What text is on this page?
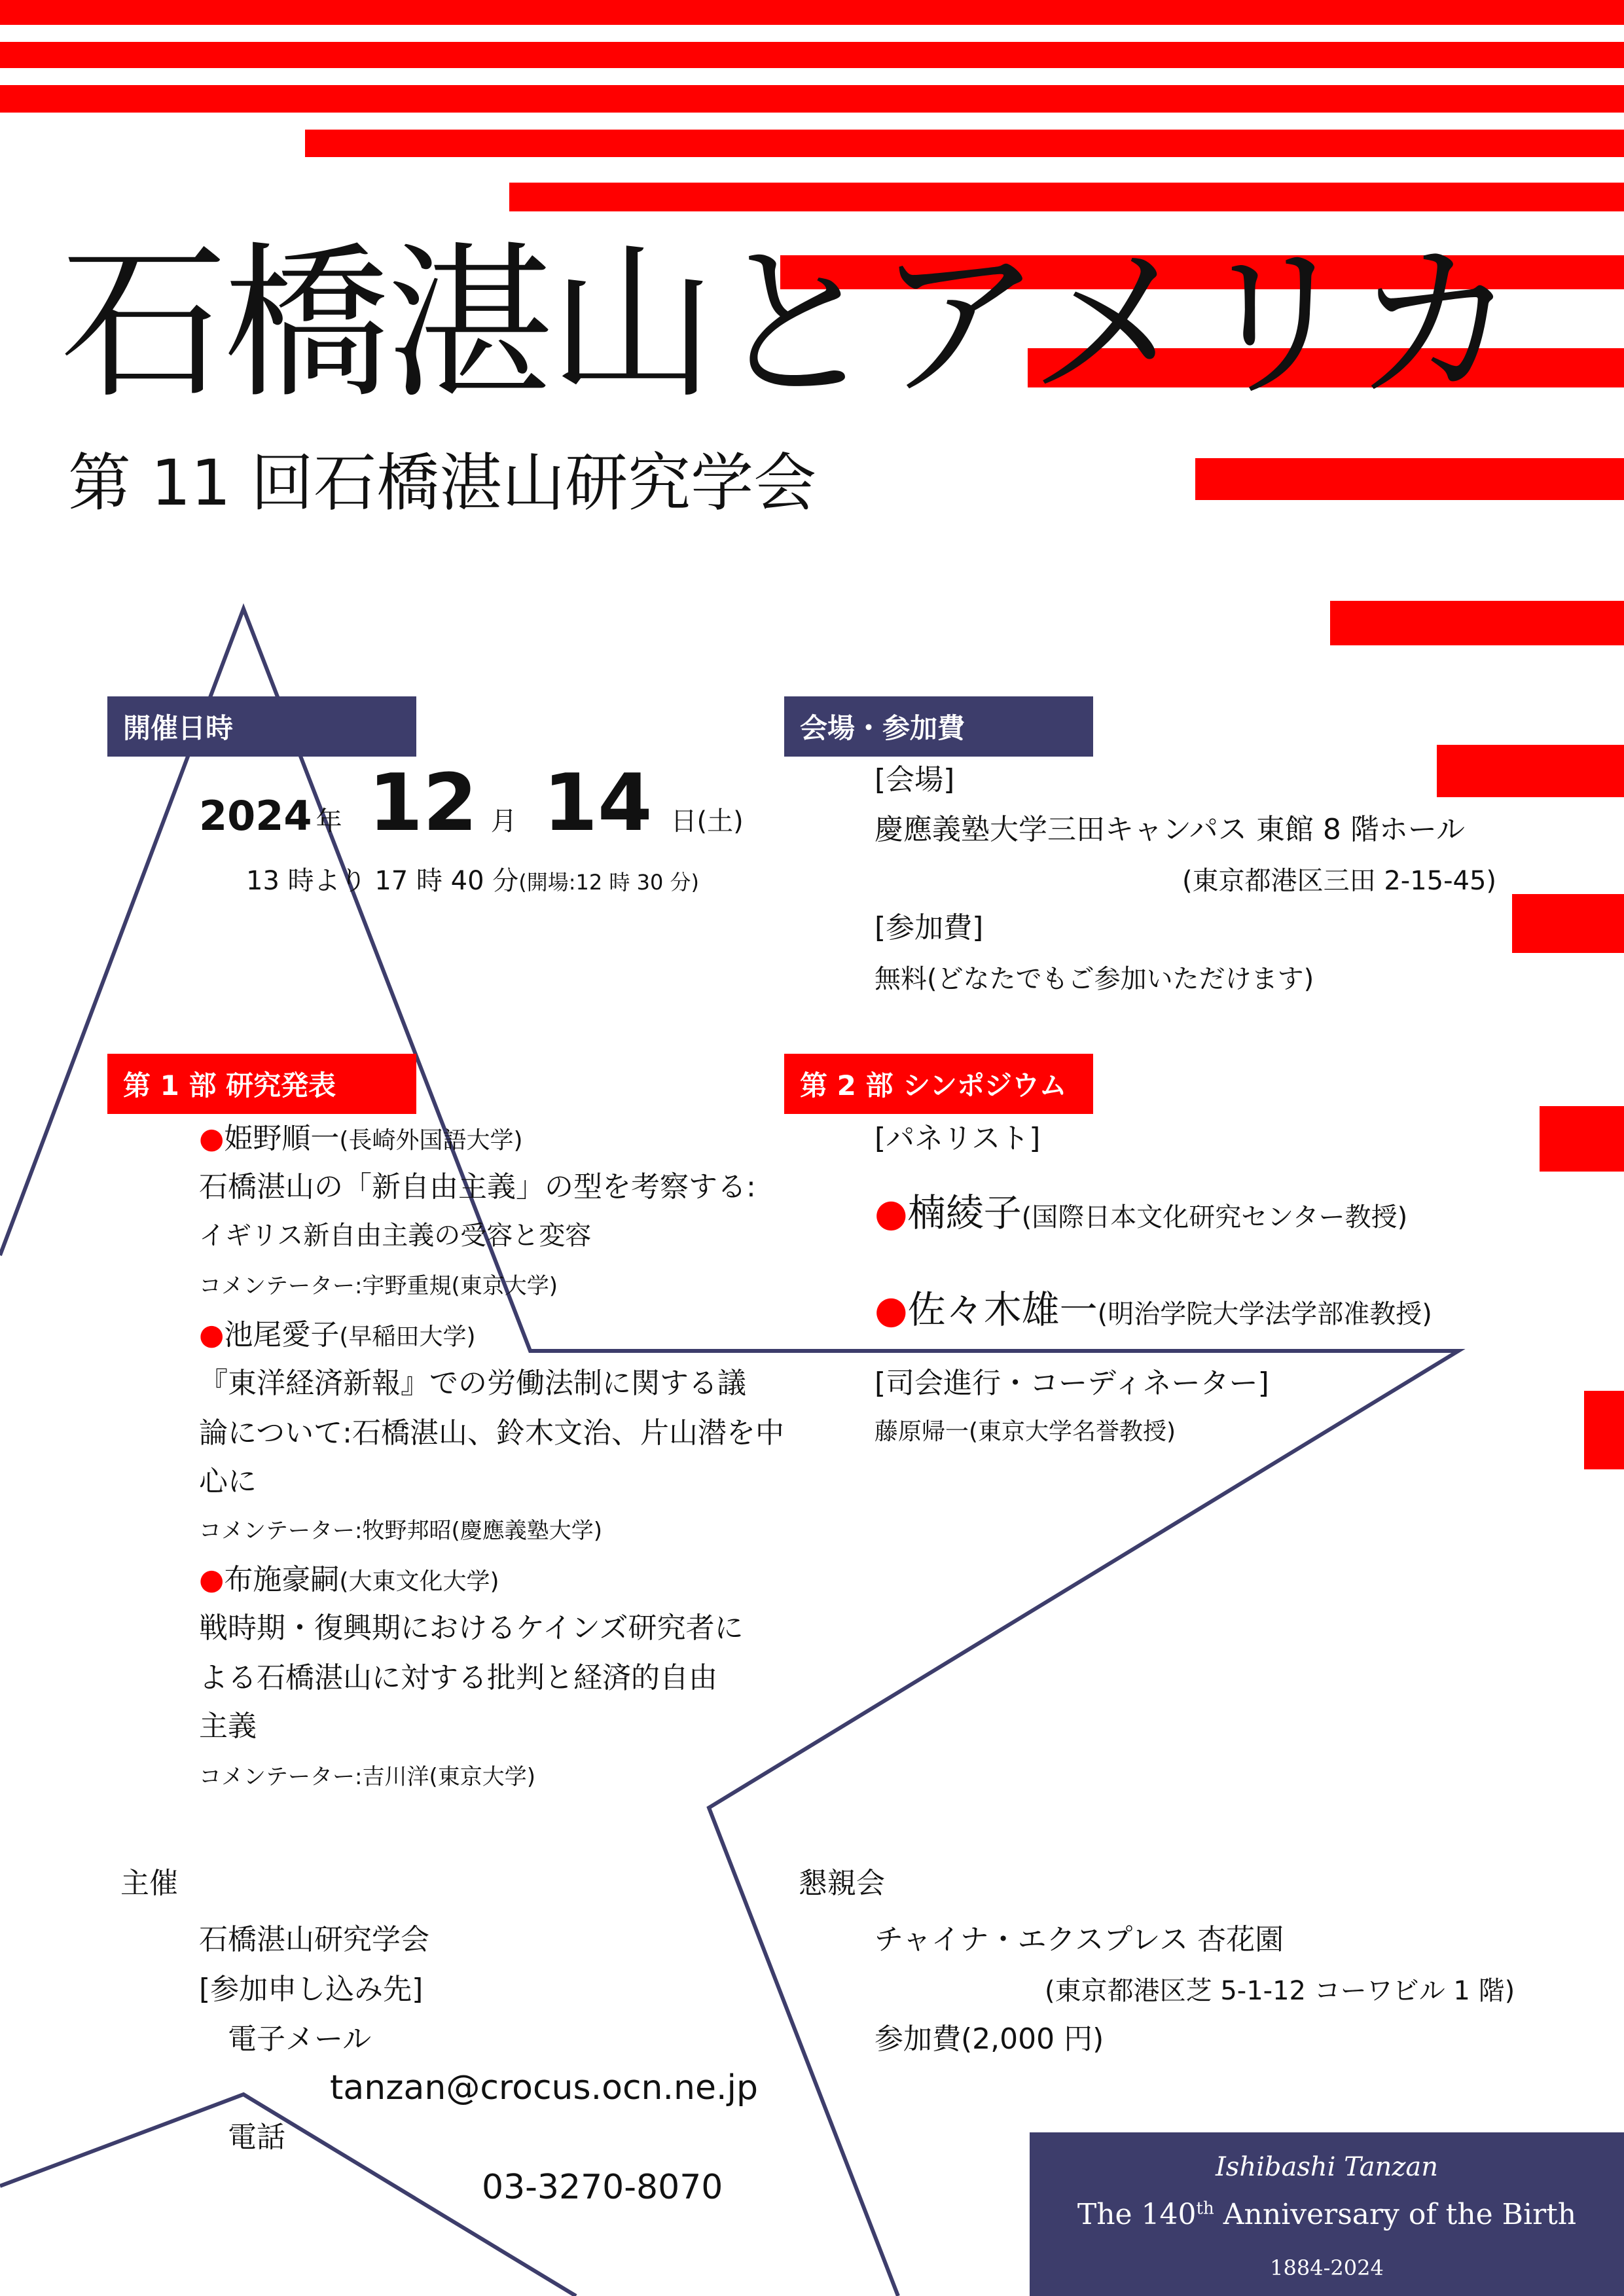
石橋湛山とアメリカ
第 11 回石橋湛山研究学会
開催日時
2024 年 12 月 14 日(土)
13 時より 17 時 40 分(開場:12 時 30 分)
会場・参加費
[会場]
慶應義塾大学三田キャンパス 東館 8 階ホール
(東京都港区三田 2-15-45)
[参加費]
無料(どなたでもご参加いただけます)
第 1 部 研究発表
●姫野順一(長崎外国語大学)
石橋湛山の「新自由主義」の型を考察する:
イギリス新自由主義の受容と変容
コメンテーター:宇野重規(東京大学)
●池尾愛子(早稲田大学)
『東洋経済新報』での労働法制に関する議
論について:石橋湛山、鈴木文治、片山潜を中
心に
コメンテーター:牧野邦昭(慶應義塾大学)
●布施豪嗣(大東文化大学)
戦時期・復興期におけるケインズ研究者に
よる石橋湛山に対する批判と経済的自由
主義
コメンテーター:吉川洋(東京大学)
第 2 部 シンポジウム
[パネリスト]
● 楠綾子 (国際日本文化研究センター教授)
● 佐々木雄一 (明治学院大学法学部准教授)
[司会進行・コーディネーター]
藤原帰一(東京大学名誉教授)
主催
石橋湛山研究学会
[参加申し込み先]
電子メール
tanzan@crocus.ocn.ne.jp
電話
03-3270-8070
懇親会
チャイナ・エクスプレス 杏花園
(東京都港区芝 5-1-12 コーワビル 1 階)
参加費(2,000 円)
Ishibashi Tanzan
The 140th Anniversary of the Birth
1884-2024
